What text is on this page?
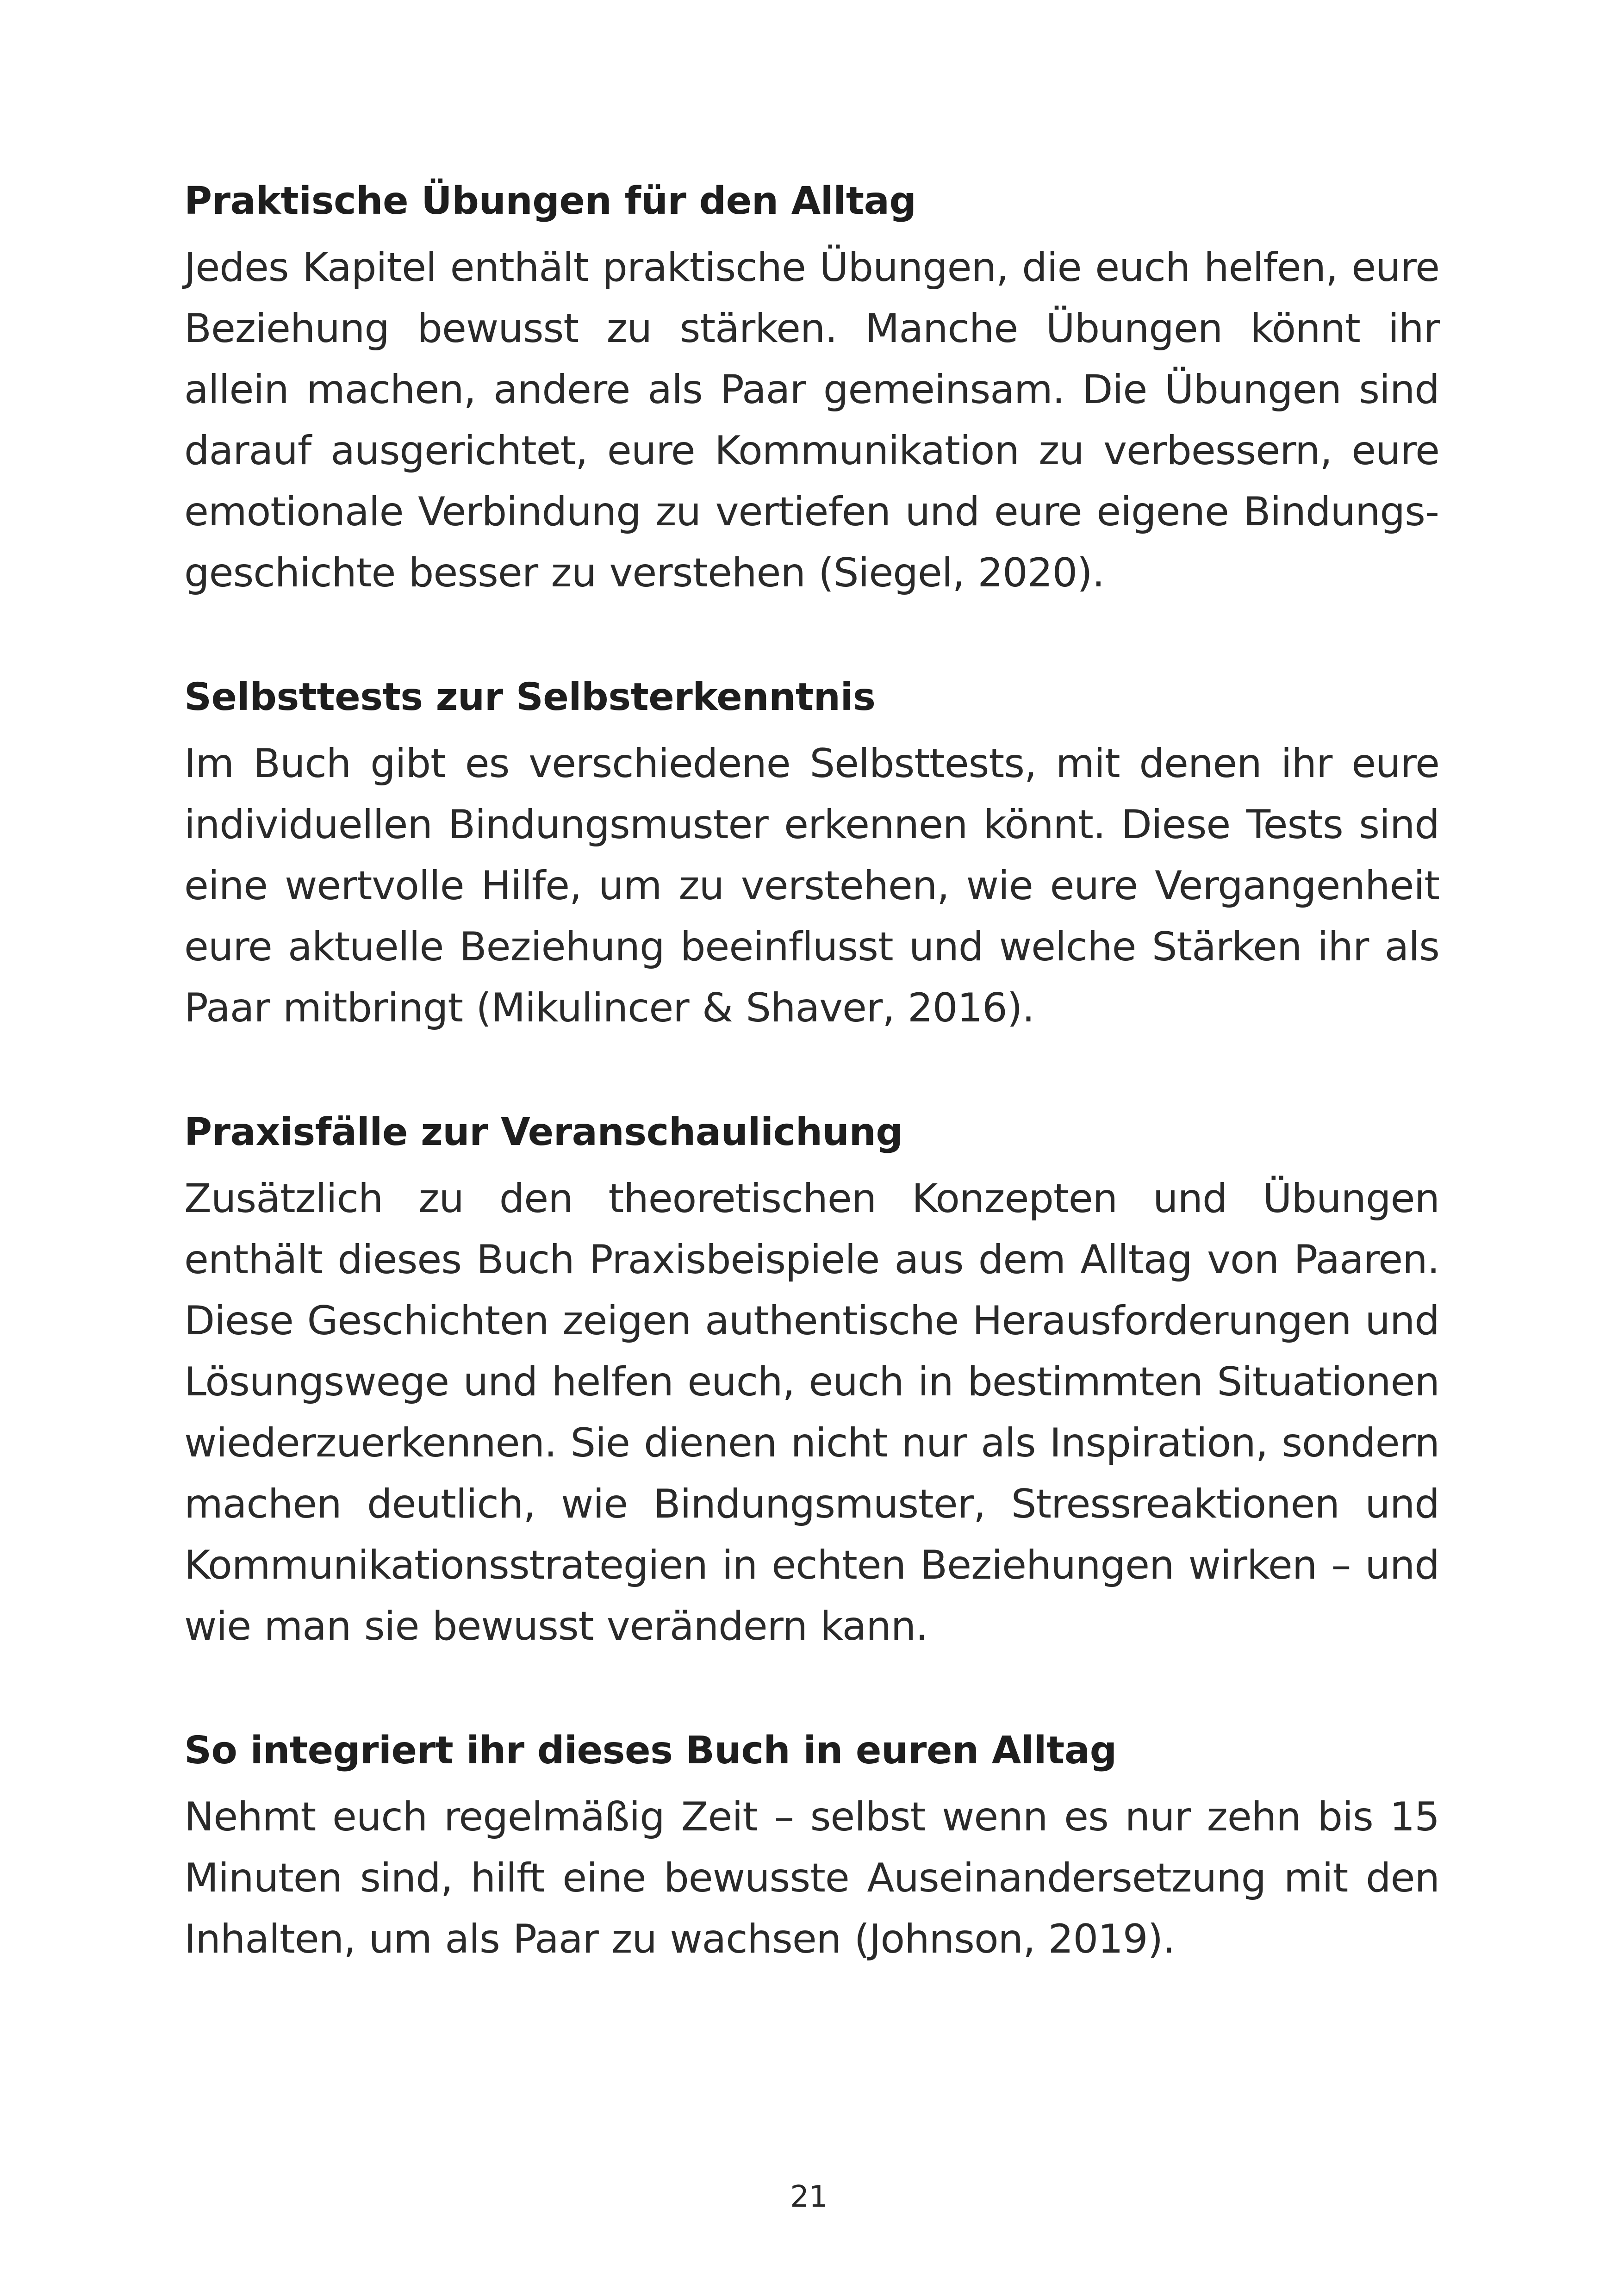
Praktische Übungen für den Alltag

Jedes Kapitel enthält praktische Übungen, die euch helfen, eure Beziehung bewusst zu stärken. Manche Übungen könnt ihr allein machen, andere als Paar gemeinsam. Die Übungen sind darauf ausgerichtet, eure Kommunikation zu verbessern, eure emotionale Verbindung zu vertiefen und eure eigene Bindungsgeschichte besser zu verstehen (Siegel, 2020).

Selbsttests zur Selbsterkenntnis

Im Buch gibt es verschiedene Selbsttests, mit denen ihr eure individuellen Bindungsmuster erkennen könnt. Diese Tests sind eine wertvolle Hilfe, um zu verstehen, wie eure Vergangenheit eure aktuelle Beziehung beeinflusst und welche Stärken ihr als Paar mitbringt (Mikulincer & Shaver, 2016).

Praxisfälle zur Veranschaulichung

Zusätzlich zu den theoretischen Konzepten und Übungen enthält dieses Buch Praxisbeispiele aus dem Alltag von Paaren. Diese Geschichten zeigen authentische Herausforderungen und Lösungswege und helfen euch, euch in bestimmten Situationen wiederzuerkennen. Sie dienen nicht nur als Inspiration, sondern machen deutlich, wie Bindungsmuster, Stressreaktionen und Kommunikationsstrategien in echten Beziehungen wirken – und wie man sie bewusst verändern kann.

So integriert ihr dieses Buch in euren Alltag

Nehmt euch regelmäßig Zeit – selbst wenn es nur zehn bis 15 Minuten sind, hilft eine bewusste Auseinandersetzung mit den Inhalten, um als Paar zu wachsen (Johnson, 2019).

21
